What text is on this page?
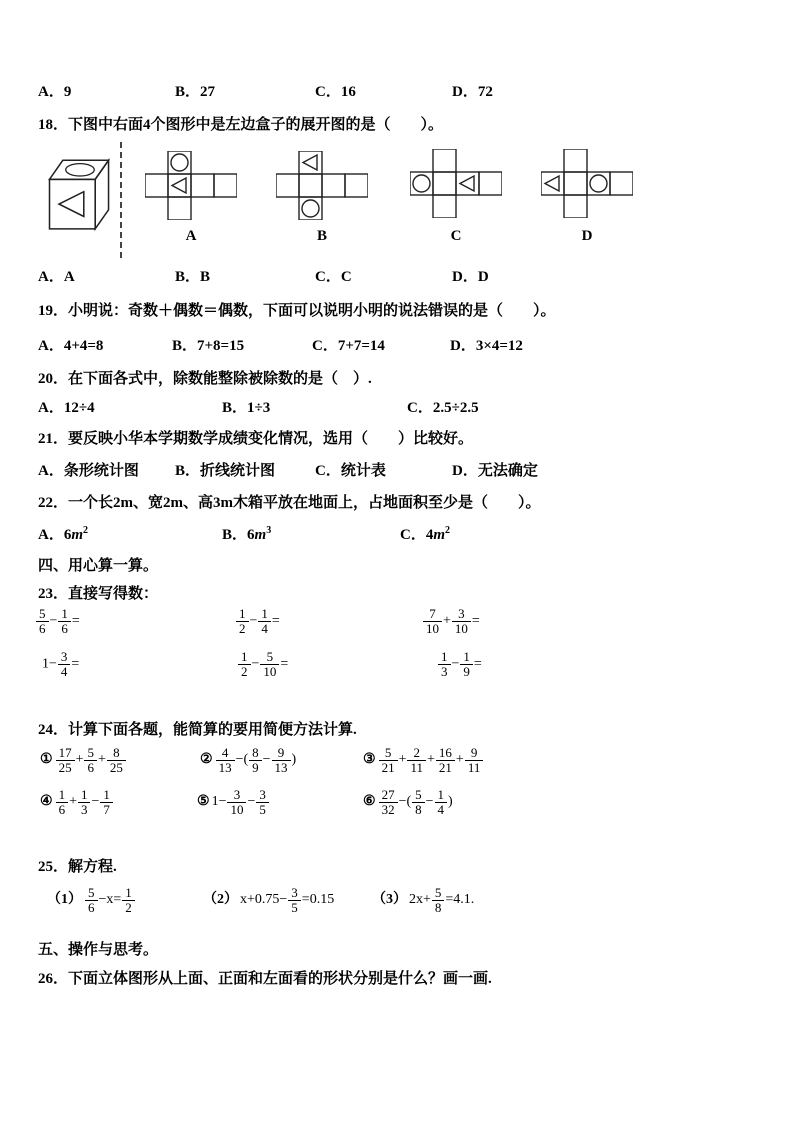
A．9	B．27	C．16	D．72
18．下图中右面4个图形中是左边盒子的展开图的是（　　）。
A	B	C	D
A．A	B．B	C．C	D．D
19．小明说：奇数＋偶数＝偶数，下面可以说明小明的说法错误的是（　　）。
A．4+4=8	B．7+8=15	C．7+7=14	D．3×4=12
20．在下面各式中，除数能整除被除数的是（　）.
A．12÷4	B．1÷3	C．2.5÷2.5
21．要反映小华本学期数学成绩变化情况，选用（　　）比较好。
A．条形统计图 B．折线统计图	C．统计表	D．无法确定
22．一个长2m、宽2m、高3m木箱平放在地面上，占地面积至少是（　　）。
A．$6m^2$	B．$6m^3$	C．$4m^2$
四、用心算一算。
23．直接写得数：
$\frac{5}{6} - \frac{1}{6}$ =	$\frac{1}{2} - \frac{1}{4}$ =	$\frac{7}{10} + \frac{3}{10}$ =
$1- \frac{3}{4}$ =	$\frac{1}{2} - \frac{5}{10}$ =	$\frac{1}{3} - \frac{1}{9}$ =
24．计算下面各题，能简算的要用简便方法计算.
① $\frac{17}{25} + \frac{5}{6} + \frac{8}{25}$	② $\frac{4}{13}$ −( $\frac{8}{9} - \frac{9}{13}$ )	③ $\frac{5}{21} + \frac{2}{11} + \frac{16}{21} + \frac{9}{11}$
④ $\frac{1}{6} + \frac{1}{3} - \frac{1}{7}$	⑤ $1- \frac{3}{10} - \frac{3}{5}$	⑥ $\frac{27}{32}$ −( $\frac{5}{8} - \frac{1}{4}$ )
25．解方程.
$(1) \frac{5}{6} -x= \frac{1}{2}$	（2） $x+0.75- \frac{3}{5} =0.15$	（3） $2x+ \frac{5}{8} =4.1$.
五、操作与思考。
26．下面立体图形从上面、正面和左面看的形状分别是什么？画一画.
